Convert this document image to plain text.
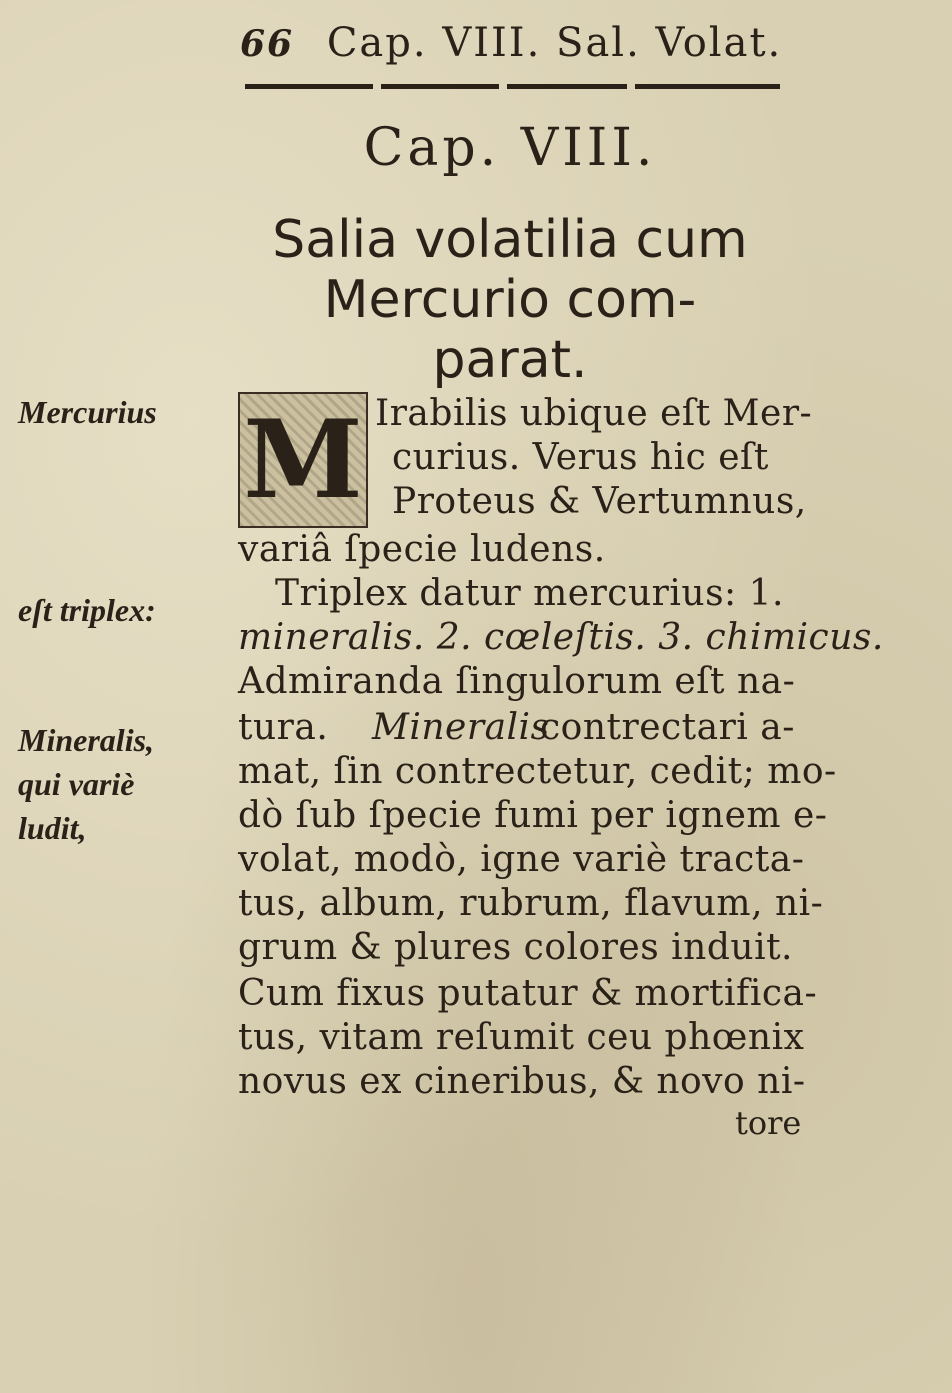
66 Cap. VIII. Sal. Volat.
Cap. VIII.
Salia volatilia cum
Mercurio com-
parat.
Mercurius
eſt triplex:
Mineralis,
qui variè
ludit,
M Irabilis ubique eſt Mer-
curius. Verus hic eſt
Proteus & Vertumnus,
variâ ſpecie ludens.
Triplex datur mercurius: 1.
mineralis. 2. cœleſtis. 3. chimicus.
Admiranda ſingulorum eſt na-
tura.	Mineralis
contrectari a-
mat, ſin contrectetur, cedit; mo-
dò ſub ſpecie fumi per ignem e-
volat, modò, igne variè tracta-
tus, album, rubrum, flavum, ni-
grum & plures colores induit.
Cum fixus putatur & mortifica-
tus, vitam reſumit ceu phœnix
novus ex cineribus, & novo ni-
tore
